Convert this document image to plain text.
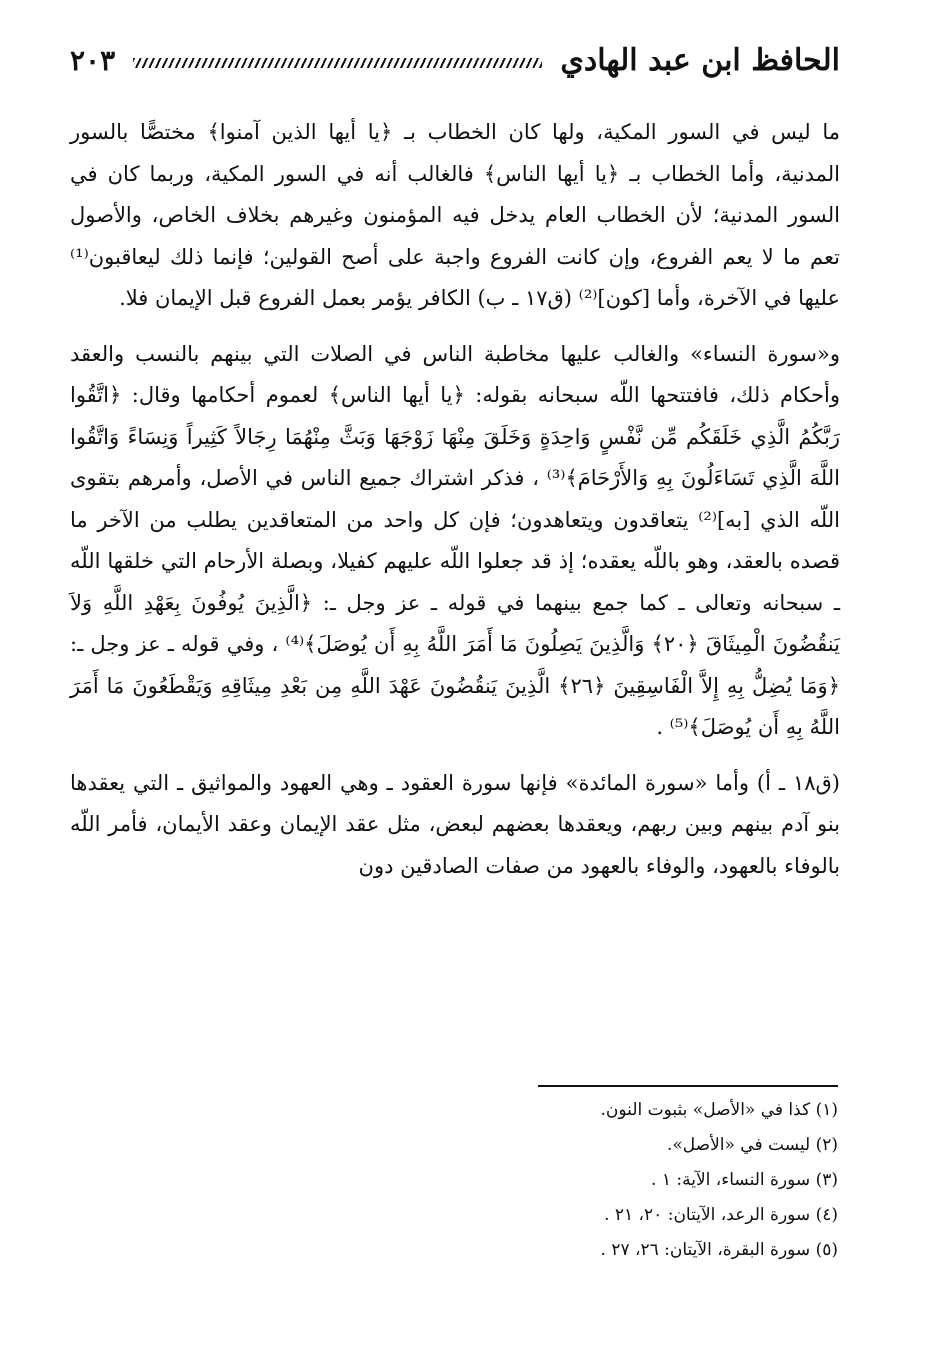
الحافظ ابن عبد الهادي
٢٠٣

ما ليس في السور المكية، ولها كان الخطاب بـ ﴿يا أيها الذين آمنوا﴾ مختصًّا بالسور المدنية، وأما الخطاب بـ ﴿يا أيها الناس﴾ فالغالب أنه في السور المكية، وربما كان في السور المدنية؛ لأن الخطاب العام يدخل فيه المؤمنون وغيرهم بخلاف الخاص، والأصول تعم ما لا يعم الفروع، وإن كانت الفروع واجبة على أصح القولين؛ فإنما ذلك ليعاقبون⁽¹⁾ عليها في الآخرة، وأما [كون]⁽²⁾ (ق١٧ ـ ب) الكافر يؤمر بعمل الفروع قبل الإيمان فلا.

و«سورة النساء» والغالب عليها مخاطبة الناس في الصلات التي بينهم بالنسب والعقد وأحكام ذلك، فافتتحها اللّه سبحانه بقوله: ﴿يا أيها الناس﴾ لعموم أحكامها وقال: ﴿اتَّقُوا رَبَّكُمُ الَّذِي خَلَقَكُم مِّن نَّفْسٍ وَاحِدَةٍ وَخَلَقَ مِنْهَا زَوْجَهَا وَبَثَّ مِنْهُمَا رِجَالاً كَثِيراً وَنِسَاءً وَاتَّقُوا اللَّهَ الَّذِي تَسَاءَلُونَ بِهِ وَالأَرْحَامَ﴾⁽³⁾ ، فذكر اشتراك جميع الناس في الأصل، وأمرهم بتقوى اللّه الذي [به]⁽²⁾ يتعاقدون ويتعاهدون؛ فإن كل واحد من المتعاقدين يطلب من الآخر ما قصده بالعقد، وهو باللّه يعقده؛ إذ قد جعلوا اللّه عليهم كفيلا، وبصلة الأرحام التي خلقها اللّه ـ سبحانه وتعالى ـ كما جمع بينهما في قوله ـ عز وجل ـ: ﴿الَّذِينَ يُوفُونَ بِعَهْدِ اللَّهِ وَلاَ يَنقُضُونَ الْمِيثَاقَ ﴿٢٠﴾ وَالَّذِينَ يَصِلُونَ مَا أَمَرَ اللَّهُ بِهِ أَن يُوصَلَ﴾⁽⁴⁾ ، وفي قوله ـ عز وجل ـ: ﴿وَمَا يُضِلُّ بِهِ إِلاَّ الْفَاسِقِينَ ﴿٢٦﴾ الَّذِينَ يَنقُضُونَ عَهْدَ اللَّهِ مِن بَعْدِ مِيثَاقِهِ وَيَقْطَعُونَ مَا أَمَرَ اللَّهُ بِهِ أَن يُوصَلَ﴾⁽⁵⁾ .

(ق١٨ ـ أ) وأما «سورة المائدة» فإنها سورة العقود ـ وهي العهود والمواثيق ـ التي يعقدها بنو آدم بينهم وبين ربهم، ويعقدها بعضهم لبعض، مثل عقد الإيمان وعقد الأيمان، فأمر اللّه بالوفاء بالعهود، والوفاء بالعهود من صفات الصادقين دون

(١) كذا في «الأصل» بثبوت النون.

(٢) ليست في «الأصل».

(٣) سورة النساء، الآية: ١ .

(٤) سورة الرعد، الآيتان: ٢٠، ٢١ .

(٥) سورة البقرة، الآيتان: ٢٦، ٢٧ .
